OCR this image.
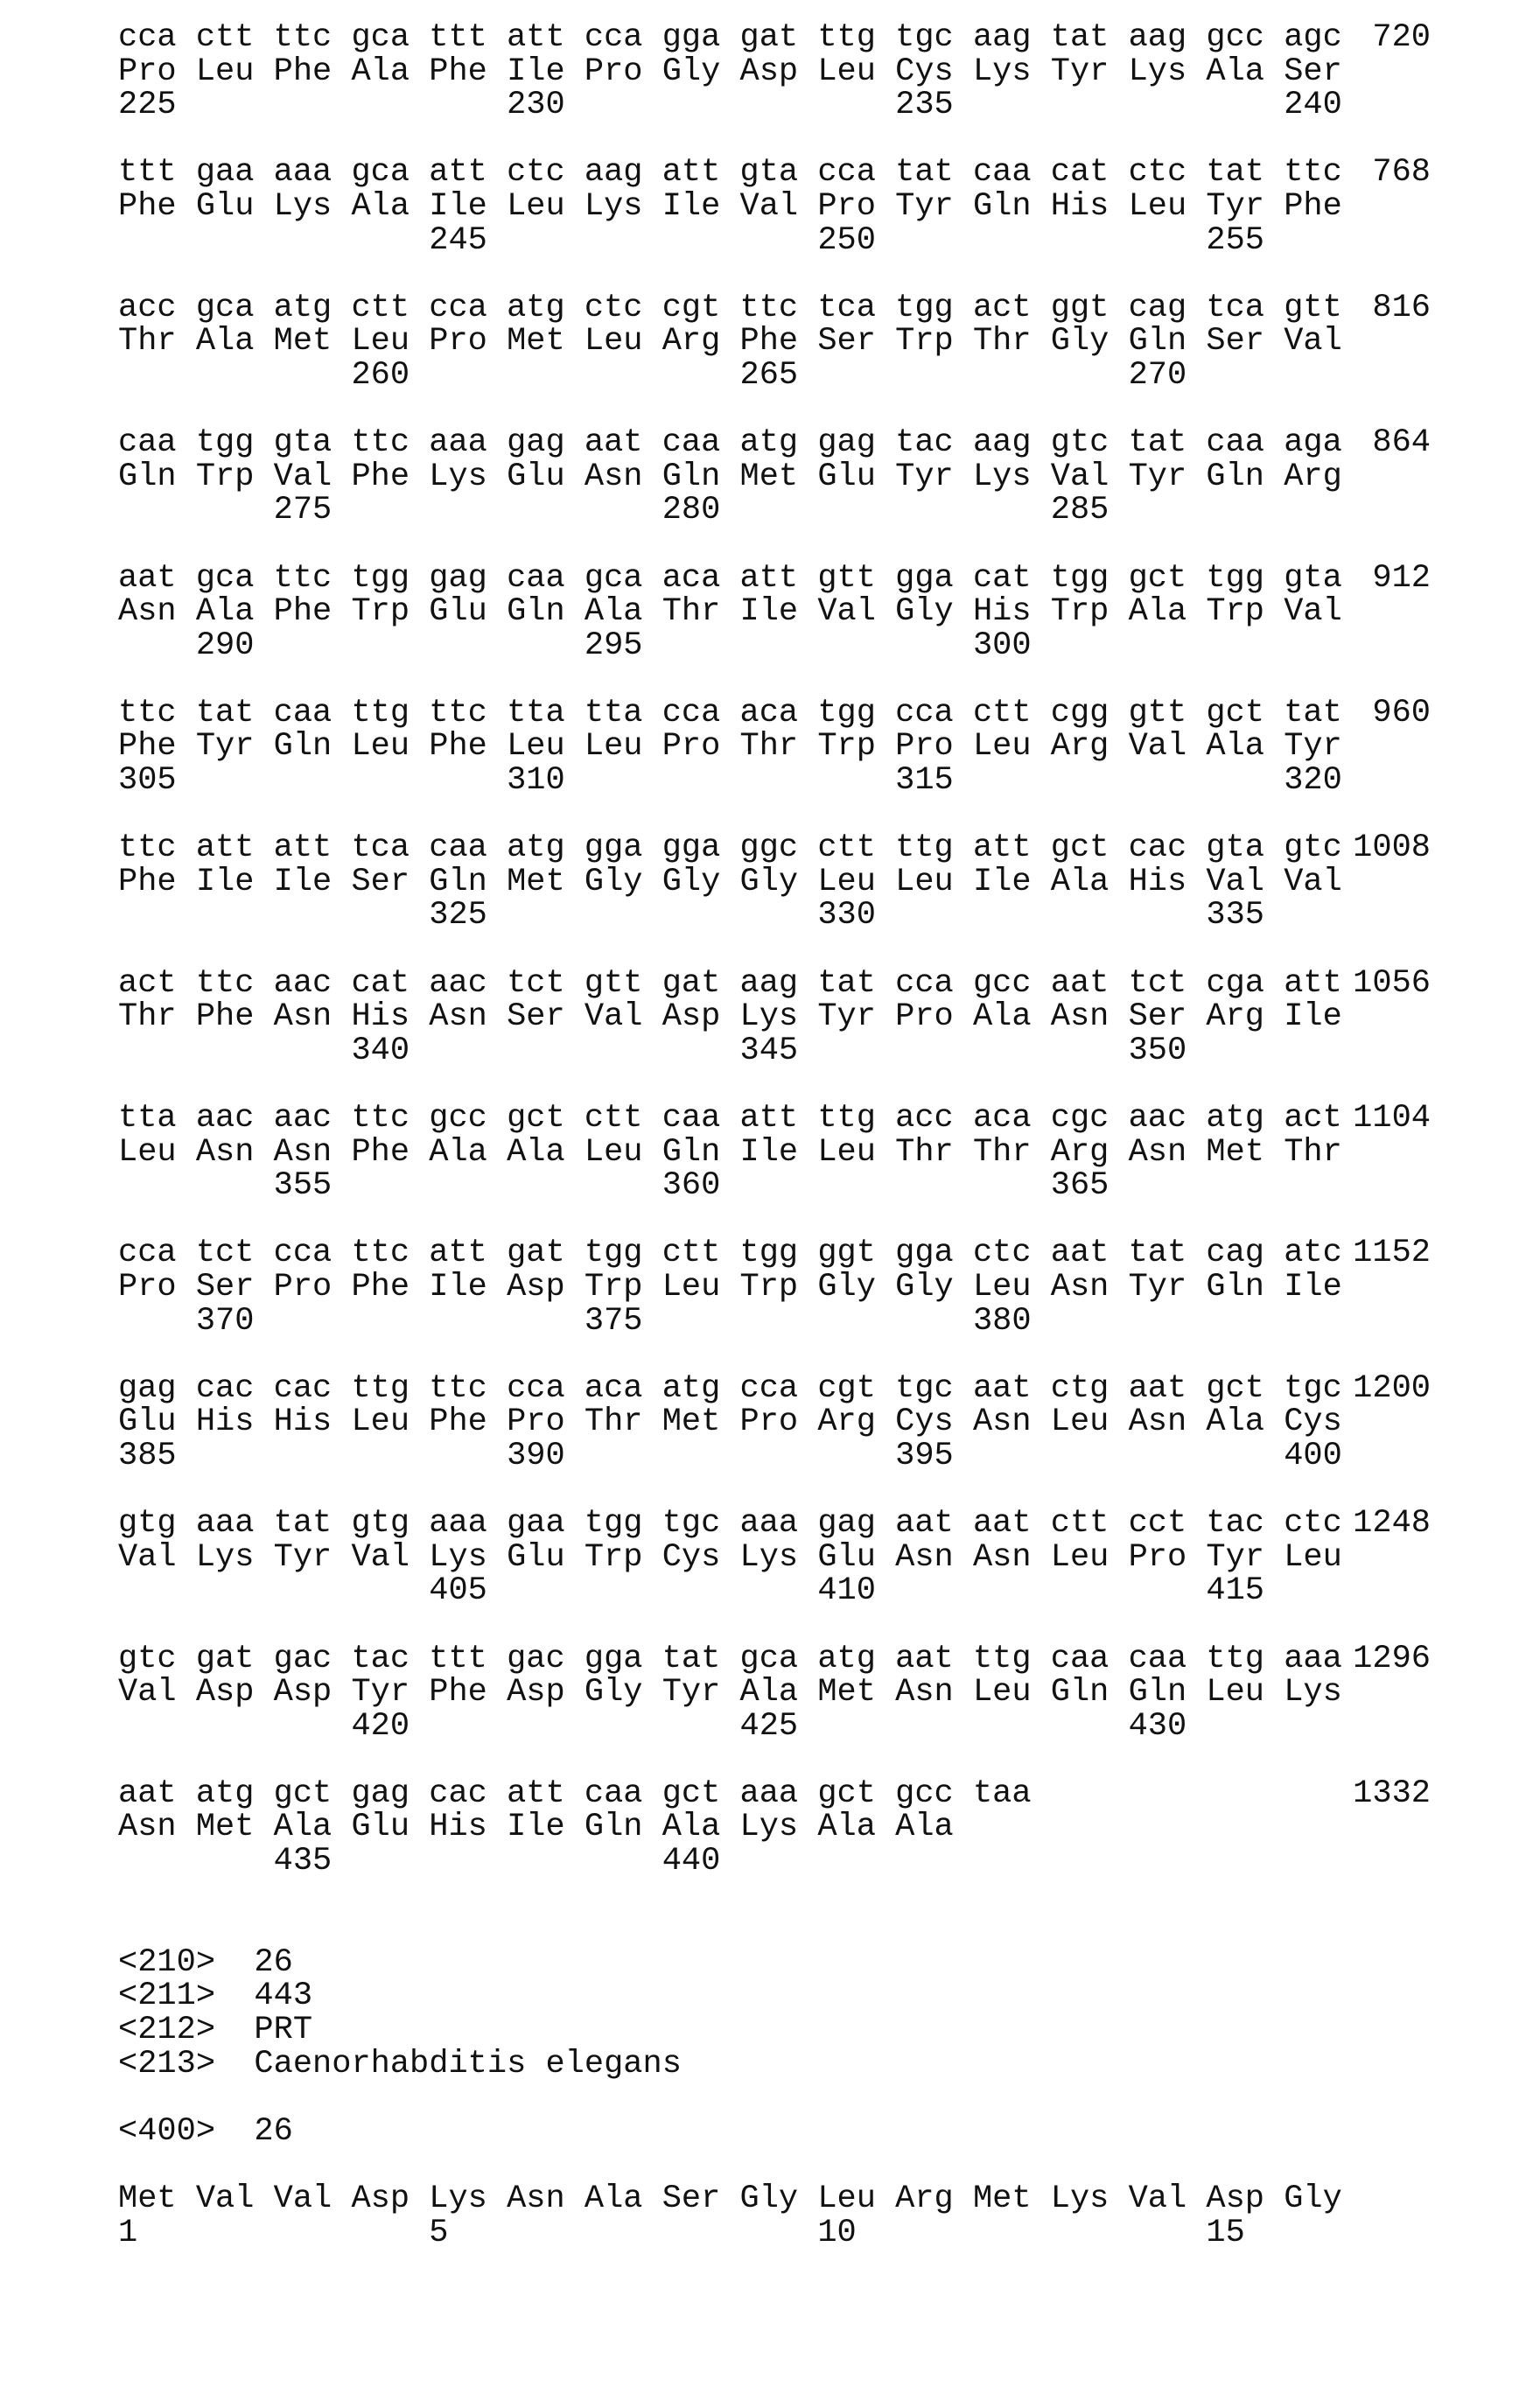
cca ctt ttc gca ttt att cca gga gat ttg tgc aag tat aag gcc agc 720
Pro Leu Phe Ala Phe Ile Pro Gly Asp Leu Cys Lys Tyr Lys Ala Ser
225                 230                 235                 240
ttt gaa aaa gca att ctc aag att gta cca tat caa cat ctc tat ttc 768
Phe Glu Lys Ala Ile Leu Lys Ile Val Pro Tyr Gln His Leu Tyr Phe
245                 250                 255
acc gca atg ctt cca atg ctc cgt ttc tca tgg act ggt cag tca gtt 816
Thr Ala Met Leu Pro Met Leu Arg Phe Ser Trp Thr Gly Gln Ser Val
260                 265                 270
caa tgg gta ttc aaa gag aat caa atg gag tac aag gtc tat caa aga 864
Gln Trp Val Phe Lys Glu Asn Gln Met Glu Tyr Lys Val Tyr Gln Arg
275                 280                 285
aat gca ttc tgg gag caa gca aca att gtt gga cat tgg gct tgg gta 912
Asn Ala Phe Trp Glu Gln Ala Thr Ile Val Gly His Trp Ala Trp Val
290                 295                 300
ttc tat caa ttg ttc tta tta cca aca tgg cca ctt cgg gtt gct tat 960
Phe Tyr Gln Leu Phe Leu Leu Pro Thr Trp Pro Leu Arg Val Ala Tyr
305                 310                 315                 320
ttc att att tca caa atg gga gga ggc ctt ttg att gct cac gta gtc 1008
Phe Ile Ile Ser Gln Met Gly Gly Gly Leu Leu Ile Ala His Val Val
325                 330                 335
act ttc aac cat aac tct gtt gat aag tat cca gcc aat tct cga att 1056
Thr Phe Asn His Asn Ser Val Asp Lys Tyr Pro Ala Asn Ser Arg Ile
340                 345                 350
tta aac aac ttc gcc gct ctt caa att ttg acc aca cgc aac atg act 1104
Leu Asn Asn Phe Ala Ala Leu Gln Ile Leu Thr Thr Arg Asn Met Thr
355                 360                 365
cca tct cca ttc att gat tgg ctt tgg ggt gga ctc aat tat cag atc 1152
Pro Ser Pro Phe Ile Asp Trp Leu Trp Gly Gly Leu Asn Tyr Gln Ile
370                 375                 380
gag cac cac ttg ttc cca aca atg cca cgt tgc aat ctg aat gct tgc 1200
Glu His His Leu Phe Pro Thr Met Pro Arg Cys Asn Leu Asn Ala Cys
385                 390                 395                 400
gtg aaa tat gtg aaa gaa tgg tgc aaa gag aat aat ctt cct tac ctc 1248
Val Lys Tyr Val Lys Glu Trp Cys Lys Glu Asn Asn Leu Pro Tyr Leu
405                 410                 415
gtc gat gac tac ttt gac gga tat gca atg aat ttg caa caa ttg aaa 1296
Val Asp Asp Tyr Phe Asp Gly Tyr Ala Met Asn Leu Gln Gln Leu Lys
420                 425                 430
aat atg gct gag cac att caa gct aaa gct gcc taa	1332
Asn Met Ala Glu His Ile Gln Ala Lys Ala Ala
435                 440
<210>  26
<211>  443
<212>  PRT
<213>  Caenorhabditis elegans
<400>  26
Met Val Val Asp Lys Asn Ala Ser Gly Leu Arg Met Lys Val Asp Gly
1               5                   10                  15
